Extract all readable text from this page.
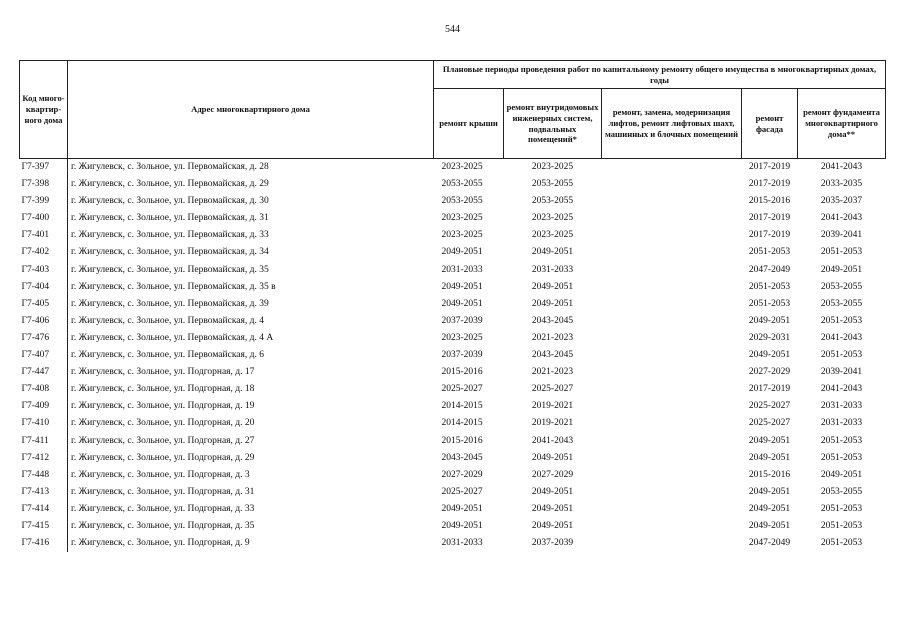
544
Код много-квартир-ного дома	Адрес многоквартирного дома	Плановые периоды проведения работ по капитальному ремонту общего имущества в многоквартирных домах, годы				
		ремонт крыши	ремонт внутридомовых инженерных систем, подвальных помещений*	ремонт, замена, модернизация лифтов, ремонт лифтовых шахт, машинных и блочных помещений	ремонт фасада	ремонт фундамента многоквартирного дома**
Г7-397	г. Жигулевск, с. Зольное, ул. Первомайская, д. 28	2023-2025	2023-2025		2017-2019	2041-2043
Г7-398	г. Жигулевск, с. Зольное, ул. Первомайская, д. 29	2053-2055	2053-2055		2017-2019	2033-2035
Г7-399	г. Жигулевск, с. Зольное, ул. Первомайская, д. 30	2053-2055	2053-2055		2015-2016	2035-2037
Г7-400	г. Жигулевск, с. Зольное, ул. Первомайская, д. 31	2023-2025	2023-2025		2017-2019	2041-2043
Г7-401	г. Жигулевск, с. Зольное, ул. Первомайская, д. 33	2023-2025	2023-2025		2017-2019	2039-2041
Г7-402	г. Жигулевск, с. Зольное, ул. Первомайская, д. 34	2049-2051	2049-2051		2051-2053	2051-2053
Г7-403	г. Жигулевск, с. Зольное, ул. Первомайская, д. 35	2031-2033	2031-2033		2047-2049	2049-2051
Г7-404	г. Жигулевск, с. Зольное, ул. Первомайская, д. 35 в	2049-2051	2049-2051		2051-2053	2053-2055
Г7-405	г. Жигулевск, с. Зольное, ул. Первомайская, д. 39	2049-2051	2049-2051		2051-2053	2053-2055
Г7-406	г. Жигулевск, с. Зольное, ул. Первомайская, д. 4	2037-2039	2043-2045		2049-2051	2051-2053
Г7-476	г. Жигулевск, с. Зольное, ул. Первомайская, д. 4 А	2023-2025	2021-2023		2029-2031	2041-2043
Г7-407	г. Жигулевск, с. Зольное, ул. Первомайская, д. 6	2037-2039	2043-2045		2049-2051	2051-2053
Г7-447	г. Жигулевск, с. Зольное, ул. Подгорная, д. 17	2015-2016	2021-2023		2027-2029	2039-2041
Г7-408	г. Жигулевск, с. Зольное, ул. Подгорная, д. 18	2025-2027	2025-2027		2017-2019	2041-2043
Г7-409	г. Жигулевск, с. Зольное, ул. Подгорная, д. 19	2014-2015	2019-2021		2025-2027	2031-2033
Г7-410	г. Жигулевск, с. Зольное, ул. Подгорная, д. 20	2014-2015	2019-2021		2025-2027	2031-2033
Г7-411	г. Жигулевск, с. Зольное, ул. Подгорная, д. 27	2015-2016	2041-2043		2049-2051	2051-2053
Г7-412	г. Жигулевск, с. Зольное, ул. Подгорная, д. 29	2043-2045	2049-2051		2049-2051	2051-2053
Г7-448	г. Жигулевск, с. Зольное, ул. Подгорная, д. 3	2027-2029	2027-2029		2015-2016	2049-2051
Г7-413	г. Жигулевск, с. Зольное, ул. Подгорная, д. 31	2025-2027	2049-2051		2049-2051	2053-2055
Г7-414	г. Жигулевск, с. Зольное, ул. Подгорная, д. 33	2049-2051	2049-2051		2049-2051	2051-2053
Г7-415	г. Жигулевск, с. Зольное, ул. Подгорная, д. 35	2049-2051	2049-2051		2049-2051	2051-2053
Г7-416	г. Жигулевск, с. Зольное, ул. Подгорная, д. 9	2031-2033	2037-2039		2047-2049	2051-2053
